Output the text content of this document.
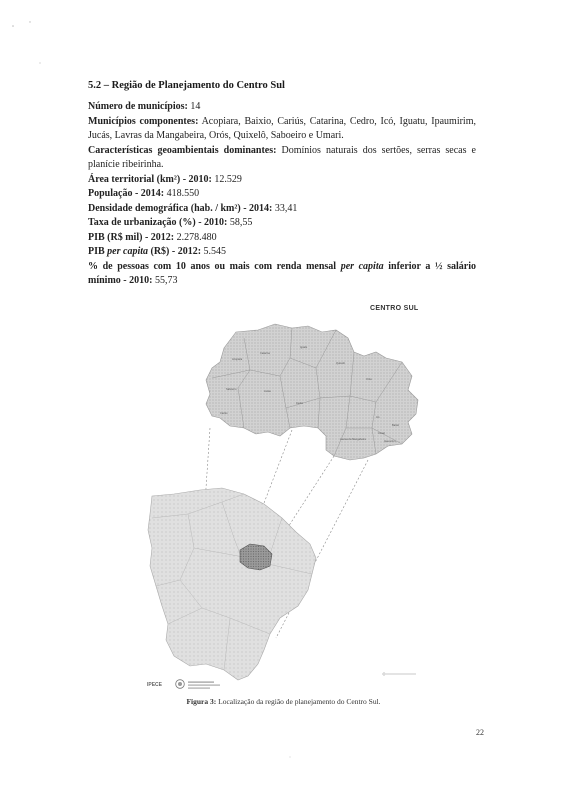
5.2 – Região de Planejamento do Centro Sul

Número de municípios: 14

Municípios componentes: Acopiara, Baixio, Cariús, Catarina, Cedro, Icó, Iguatu, Ipaumirim, Jucás, Lavras da Mangabeira, Orós, Quixelô, Saboeiro e Umari.

Características geoambientais dominantes: Domínios naturais dos sertões, serras secas e planície ribeirinha.

Área territorial (km²) - 2010: 12.529

População - 2014: 418.550

Densidade demográfica (hab. / km²) - 2014: 33,41

Taxa de urbanização (%) - 2010: 58,55

PIB (R$ mil) - 2012: 2.278.480

PIB per capita (R$) - 2012: 5.545

% de pessoas com 10 anos ou mais com renda mensal per capita inferior a ½ salário mínimo - 2010: 55,73

CENTRO SUL
Acopiara
Catarina
Saboeiro
Iguatu
Quixelô
Orós
Jucás
Cariús
Cedro
Icó
Lavras da Mangabeira
Umari
Baixio
Ipaumirim
IPECE
Figura 3: Localização da região de planejamento do Centro Sul.
22
